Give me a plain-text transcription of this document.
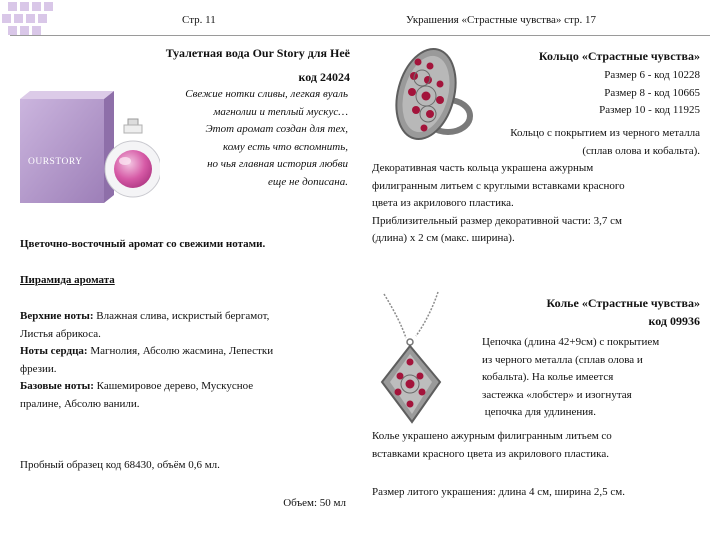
Стр. 11	Украшения «Страстные чувства» стр. 17
Туалетная вода Our Story для Неё
код 24024
OURSTORY
Свежие нотки сливы, легкая вуаль
магнолии и теплый мускус…
Этот аромат создан для тех,
кому есть что вспомнить,
но чья главная история любви
еще не дописана.
Цветочно-восточный аромат со свежими нотами.
Пирамида аромата
Верхние ноты: Влажная слива, искристый бергамот,
Листья абрикоса.
Ноты сердца: Магнолия, Абсолю жасмина, Лепестки
фрезии.
Базовые ноты: Кашемировое дерево, Мускусное
пралине, Абсолю ванили.
Пробный образец код 68430, объём 0,6 мл.
Объем: 50 мл
Кольцо «Страстные чувства»
Размер 6 - код 10228
Размер 8 - код 10665
Размер 10 - код 11925
Кольцо с покрытием из черного металла
(сплав олова и кобальта).
Декоративная часть кольца украшена ажурным
филигранным литьем с круглыми вставками красного
цвета из акрилового пластика.
Приблизительный размер декоративной части: 3,7 см
(длина) х 2 см (макс. ширина).
Колье «Страстные чувства»
код 09936
Цепочка (длина 42+9см) с покрытием
из черного металла (сплав олова и
кобальта). На колье имеется
застежка «лобстер» и изогнутая
цепочка для удлинения.
Колье украшено ажурным филигранным литьем со
вставками красного цвета из акрилового пластика.
Размер литого украшения: длина 4 см, ширина 2,5 см.
